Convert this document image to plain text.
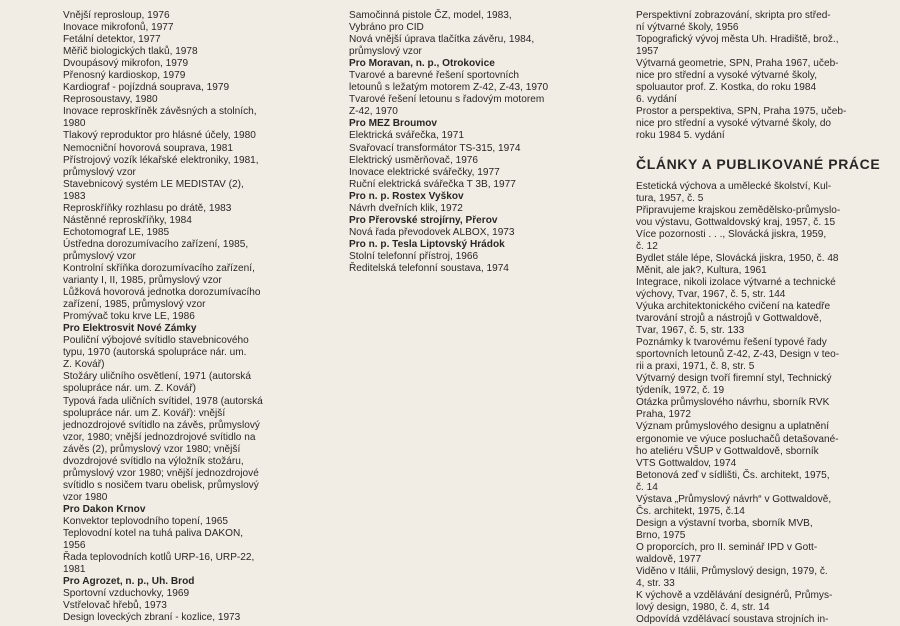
Vnější reprosloup, 1976
Inovace mikrofonů, 1977
Fetální detektor, 1977
Měřič biologických tlaků, 1978
Dvoupásový mikrofon, 1979
Přenosný kardioskop, 1979
Kardiograf - pojízdná souprava, 1979
Reprosoustavy, 1980
Inovace reproskříněk závěsných a stolních,
1980
Tlakový reproduktor pro hlásné účely, 1980
Nemocniční hovorová souprava, 1981
Přístrojový vozík lékařské elektroniky, 1981,
průmyslový vzor
Stavebnicový systém LE MEDISTAV (2),
1983
Reproskříňky rozhlasu po drátě, 1983
Nástěnné reproskříňky, 1984
Echotomograf LE, 1985
Ústředna dorozumívacího zařízení, 1985,
průmyslový vzor
Kontrolní skříňka dorozumívacího zařízení,
varianty I, II, 1985, průmyslový vzor
Lůžková hovorová jednotka dorozumívacího
zařízení, 1985, průmyslový vzor
Promývač toku krve LE, 1986
Pro Elektrosvit Nové Zámky
Pouliční výbojové svítidlo stavebnicového
typu, 1970 (autorská spolupráce nár. um.
Z. Kovář)
Stožáry uličního osvětlení, 1971 (autorská
spolupráce nár. um. Z. Kovář)
Typová řada uličních svítidel, 1978 (autorská
spolupráce nár. um Z. Kovář): vnější
jednozdrojové svítidlo na závěs, průmyslový
vzor, 1980; vnější jednozdrojové svítidlo na
závěs (2), průmyslový vzor 1980; vnější
dvozdrojové svítidlo na výložník stožáru,
průmyslový vzor 1980; vnější jednozdrojové
svítidlo s nosičem tvaru obelisk, průmyslový
vzor 1980
Pro Dakon Krnov
Konvektor teplovodního topení, 1965
Teplovodní kotel na tuhá paliva DAKON,
1956
Řada teplovodních kotlů URP-16, URP-22,
1981
Pro Agrozet, n. p., Uh. Brod
Sportovní vzduchovky, 1969
Vstřelovač hřebů, 1973
Design loveckých zbraní - kozlice, 1973
Samočinná pistole ČZ, model, 1983,
Vybráno pro CID
Nová vnější úprava tlačítka závěru, 1984,
průmyslový vzor
Pro Moravan, n. p., Otrokovice
Tvarové a barevné řešení sportovních
letounů s ležatým motorem Z-42, Z-43, 1970
Tvarové řešení letounu s řadovým motorem
Z-42, 1970
Pro MEZ Broumov
Elektrická svářečka, 1971
Svařovací transformátor TS-315, 1974
Elektrický usměrňovač, 1976
Inovace elektrické svářečky, 1977
Ruční elektrická svářečka T 3B, 1977
Pro n. p. Rostex Vyškov
Návrh dveřních klik, 1972
Pro Přerovské strojírny, Přerov
Nová řada převodovek ALBOX, 1973
Pro n. p. Tesla Liptovský Hrádok
Stolní telefonní přístroj, 1966
Ředitelská telefonní soustava, 1974
Perspektivní zobrazování, skripta pro střed-
ní výtvarné školy, 1956
Topografický vývoj města Uh. Hradiště, brož.,
1957
Výtvarná geometrie, SPN, Praha 1967, učeb-
nice pro střední a vysoké výtvarné školy,
spoluautor prof. Z. Kostka, do roku 1984
6. vydání
Prostor a perspektiva, SPN, Praha 1975, učeb-
nice pro střední a vysoké výtvarné školy, do
roku 1984 5. vydání
ČLÁNKY A PUBLIKOVANÉ PRÁCE
Estetická výchova a umělecké školství, Kul-
tura, 1957, č. 5
Připravujeme krajskou zemědělsko-průmyslo-
vou výstavu, Gottwaldovský kraj, 1957, č. 15
Více pozornosti . . ., Slovácká jiskra, 1959,
č. 12
Bydlet stále lépe, Slovácká jiskra, 1950, č. 48
Měnit, ale jak?, Kultura, 1961
Integrace, nikoli izolace výtvarné a technické
výchovy, Tvar, 1967, č. 5, str. 144
Výuka architektonického cvičení na katedře
tvarování strojů a nástrojů v Gottwaldově,
Tvar, 1967, č. 5, str. 133
Poznámky k tvarovému řešení typové řady
sportovních letounů Z-42, Z-43, Design v teo-
rii a praxi, 1971, č. 8, str. 5
Výtvarný design tvoří firemní styl, Technický
týdeník, 1972, č. 19
Otázka průmyslového návrhu, sborník RVK
Praha, 1972
Význam průmyslového designu a uplatnění
ergonomie ve výuce posluchačů detašované-
ho ateliéru VŠUP v Gottwaldově, sborník
VTS Gottwaldov, 1974
Betonová zeď v sídlišti, Čs. architekt, 1975,
č. 14
Výstava „Průmyslový návrh“ v Gottwaldově,
Čs. architekt, 1975, č.14
Design a výstavní tvorba, sborník MVB,
Brno, 1975
O proporcích, pro II. seminář IPD v Gott-
waldově, 1977
Viděno v Itálii, Průmyslový design, 1979, č.
4, str. 33
K výchově a vzdělávání designérů, Průmys-
lový design, 1980, č. 4, str. 14
Odpovídá vzdělávací soustava strojních in-
